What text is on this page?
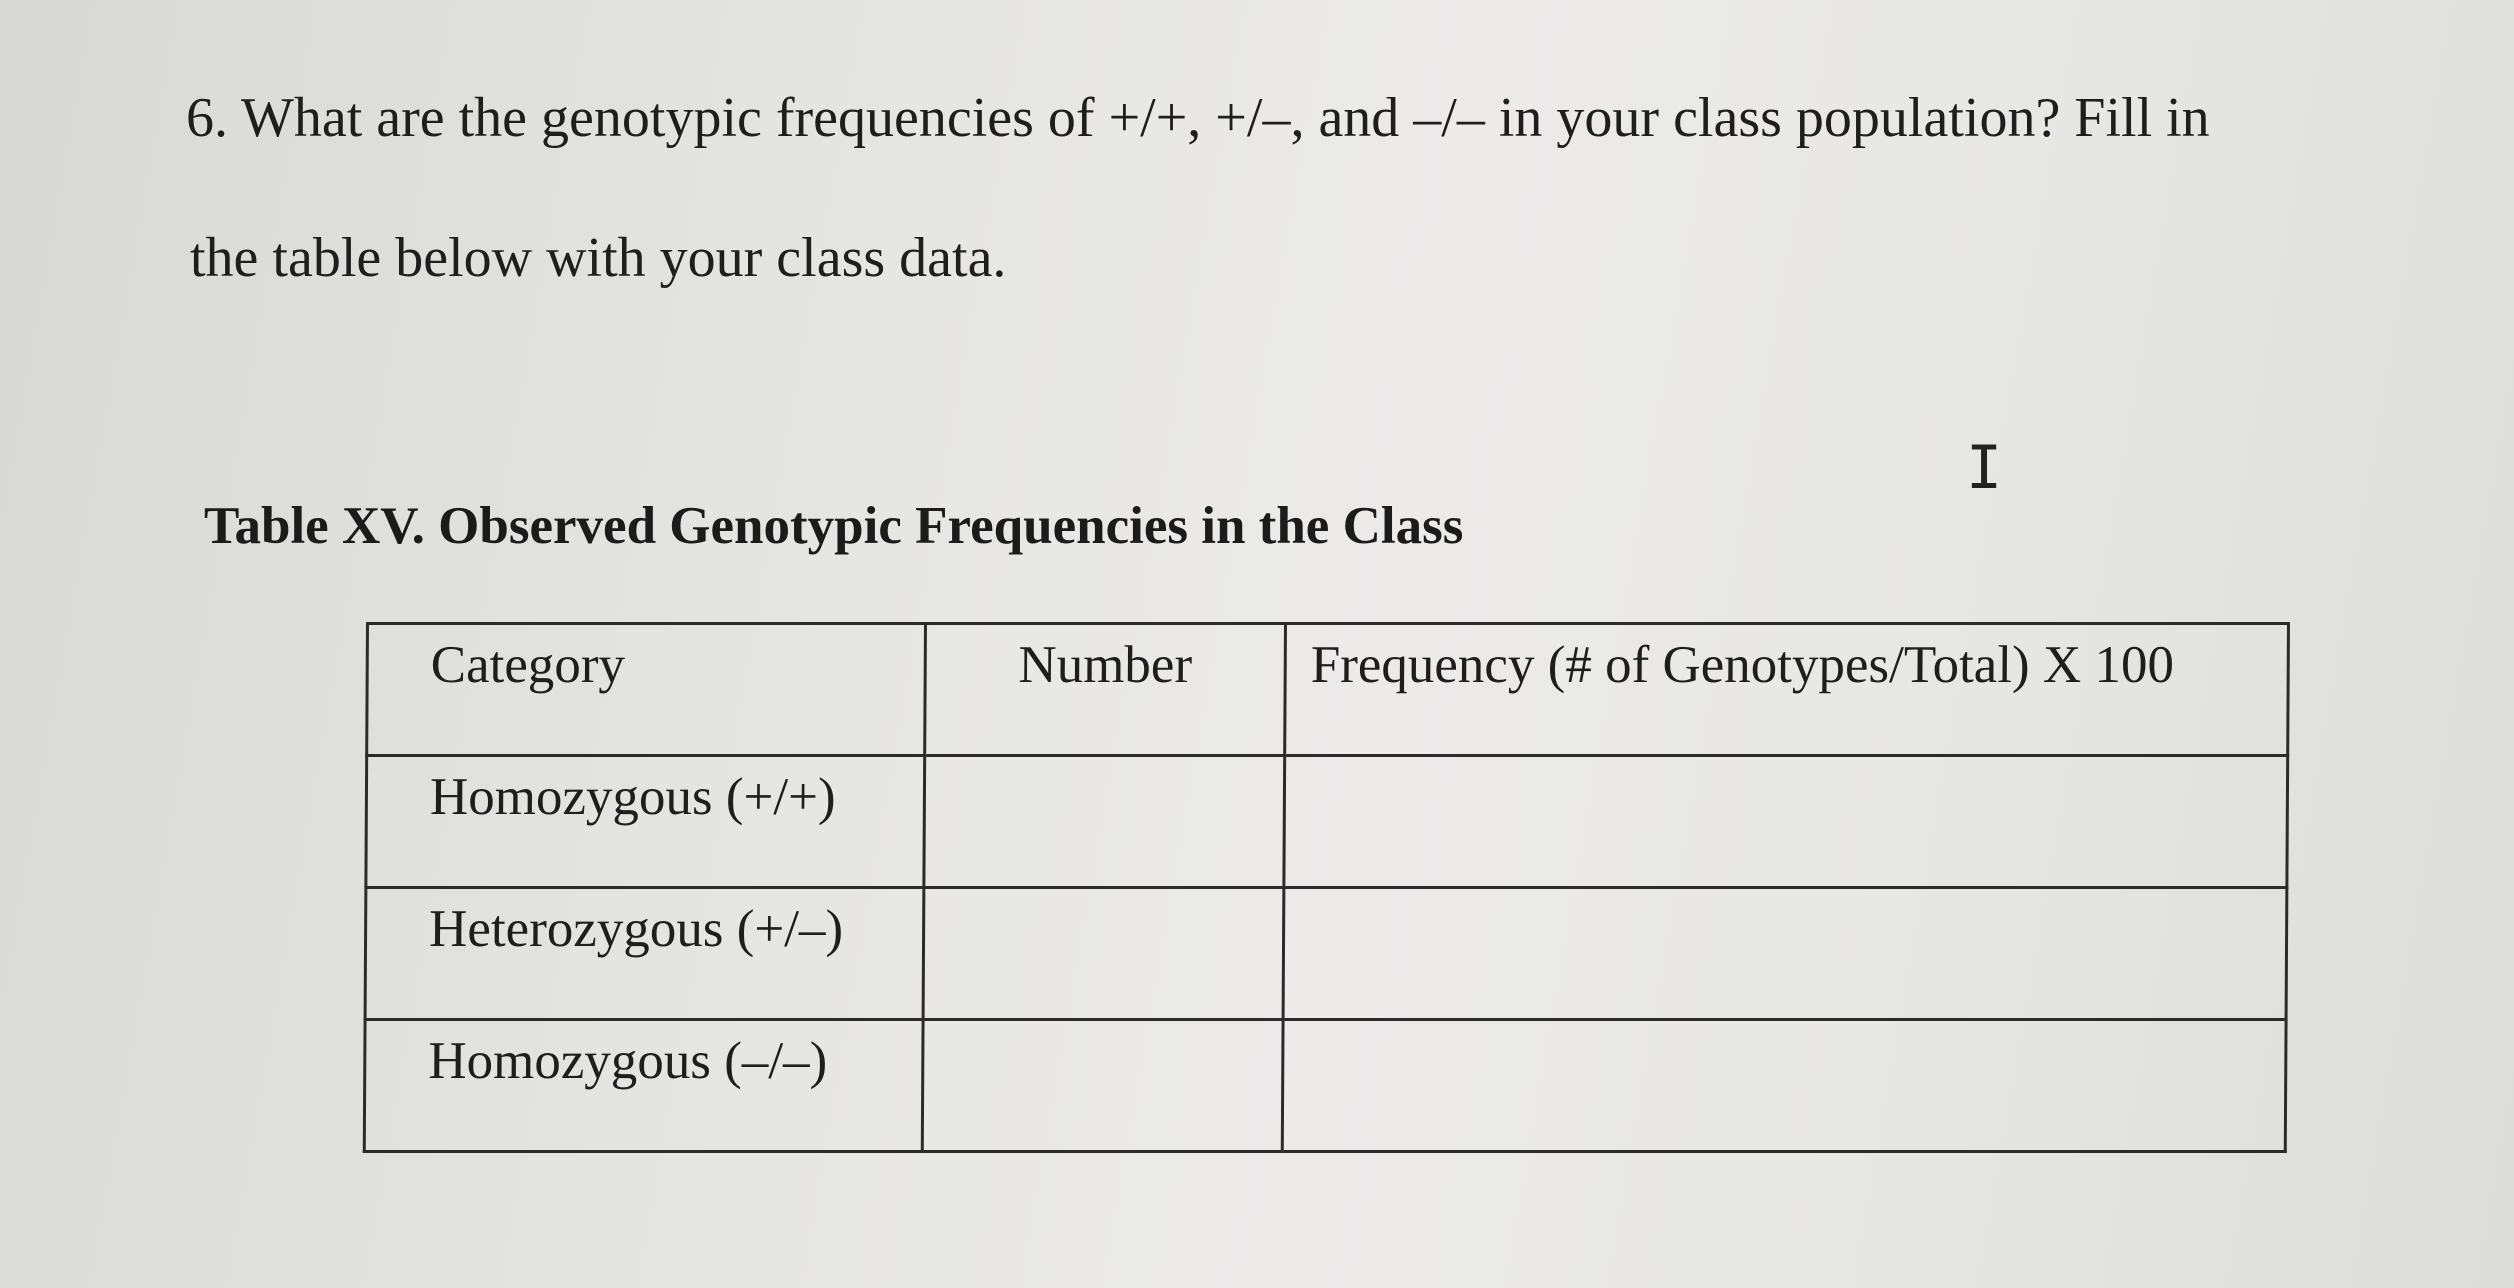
6. What are the genotypic frequencies of +/+, +/–, and –/– in your class population? Fill in
the table below with your class data.
I
Table XV. Observed Genotypic Frequencies in the Class
Category	Number	Frequency (# of Genotypes/Total) X 100

Homozygous (+/+)		

Heterozygous (+/–)		

Homozygous (–/–)		
